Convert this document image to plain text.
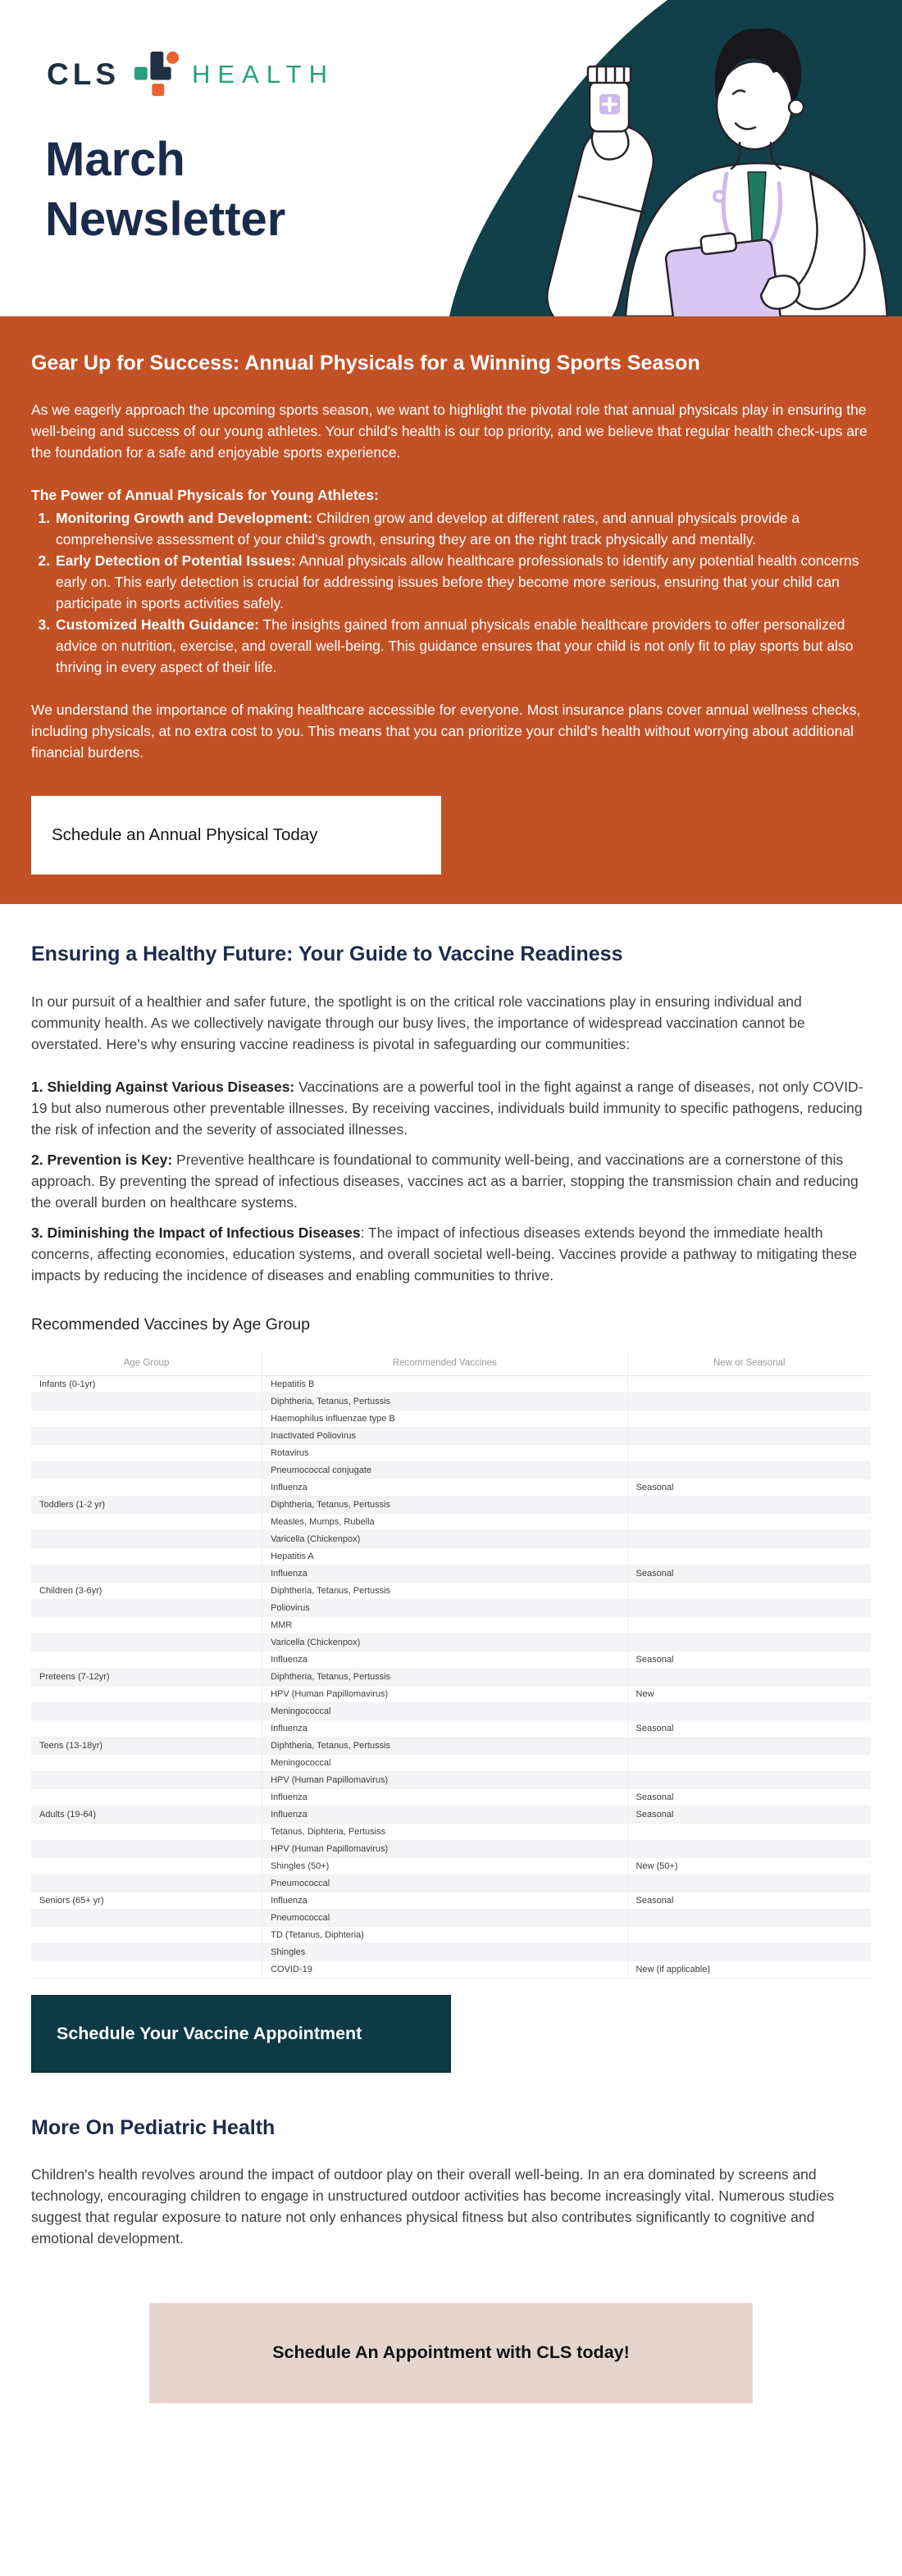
CLS	HEALTH
March
Newsletter
Gear Up for Success: Annual Physicals for a Winning Sports Season

As we eagerly approach the upcoming sports season, we want to highlight the pivotal role that annual physicals play in ensuring the well-being and success of our young athletes. Your child's health is our top priority, and we believe that regular health check-ups are the foundation for a safe and enjoyable sports experience.

The Power of Annual Physicals for Young Athletes:

1. Monitoring Growth and Development: Children grow and develop at different rates, and annual physicals provide a comprehensive assessment of your child's growth, ensuring they are on the right track physically and mentally.
2. Early Detection of Potential Issues: Annual physicals allow healthcare professionals to identify any potential health concerns early on. This early detection is crucial for addressing issues before they become more serious, ensuring that your child can participate in sports activities safely.
3. Customized Health Guidance: The insights gained from annual physicals enable healthcare providers to offer personalized advice on nutrition, exercise, and overall well-being. This guidance ensures that your child is not only fit to play sports but also thriving in every aspect of their life.

We understand the importance of making healthcare accessible for everyone. Most insurance plans cover annual wellness checks, including physicals, at no extra cost to you. This means that you can prioritize your child's health without worrying about additional financial burdens.

Schedule an Annual Physical Today
Ensuring a Healthy Future: Your Guide to Vaccine Readiness

In our pursuit of a healthier and safer future, the spotlight is on the critical role vaccinations play in ensuring individual and community health. As we collectively navigate through our busy lives, the importance of widespread vaccination cannot be overstated. Here's why ensuring vaccine readiness is pivotal in safeguarding our communities:

1. Shielding Against Various Diseases: Vaccinations are a powerful tool in the fight against a range of diseases, not only COVID-19 but also numerous other preventable illnesses. By receiving vaccines, individuals build immunity to specific pathogens, reducing the risk of infection and the severity of associated illnesses.

2. Prevention is Key: Preventive healthcare is foundational to community well-being, and vaccinations are a cornerstone of this approach. By preventing the spread of infectious diseases, vaccines act as a barrier, stopping the transmission chain and reducing the overall burden on healthcare systems.

3. Diminishing the Impact of Infectious Diseases: The impact of infectious diseases extends beyond the immediate health concerns, affecting economies, education systems, and overall societal well-being. Vaccines provide a pathway to mitigating these impacts by reducing the incidence of diseases and enabling communities to thrive.

Recommended Vaccines by Age Group
Age Group	Recommended Vaccines	New or Seasonal
Infants (0-1yr)	Hepatitis B	
	Diphtheria, Tetanus, Pertussis	
	Haemophilus influenzae type B	
	Inactivated Poliovirus	
	Rotavirus	
	Pneumococcal conjugate	
	Influenza	Seasonal
Toddlers (1-2 yr)	Diphtheria, Tetanus, Pertussis	
	Measles, Mumps, Rubella	
	Varicella (Chickenpox)	
	Hepatitis A	
	Influenza	Seasonal
Children (3-6yr)	Diphtheria, Tetanus, Pertussis	
	Poliovirus	
	MMR	
	Varicella (Chickenpox)	
	Influenza	Seasonal
Preteens (7-12yr)	Diphtheria, Tetanus, Pertussis	
	HPV (Human Papillomavirus)	New
	Meningococcal	
	Influenza	Seasonal
Teens (13-18yr)	Diphtheria, Tetanus, Pertussis	
	Meningococcal	
	HPV (Human Papillomavirus)	
	Influenza	Seasonal
Adults (19-64)	Influenza	Seasonal
	Tetanus, Diphteria, Pertusiss	
	HPV (Human Papillomavirus)	
	Shingles (50+)	New (50+)
	Pneumococcal	
Seniors (65+ yr)	Influenza	Seasonal
	Pneumococcal	
	TD (Tetanus, Diphteria)	
	Shingles	
	COVID-19	New (if applicable)
Schedule Your Vaccine Appointment
More On Pediatric Health

Children's health revolves around the impact of outdoor play on their overall well-being. In an era dominated by screens and technology, encouraging children to engage in unstructured outdoor activities has become increasingly vital. Numerous studies suggest that regular exposure to nature not only enhances physical fitness but also contributes significantly to cognitive and emotional development.

Schedule An Appointment with CLS today!
